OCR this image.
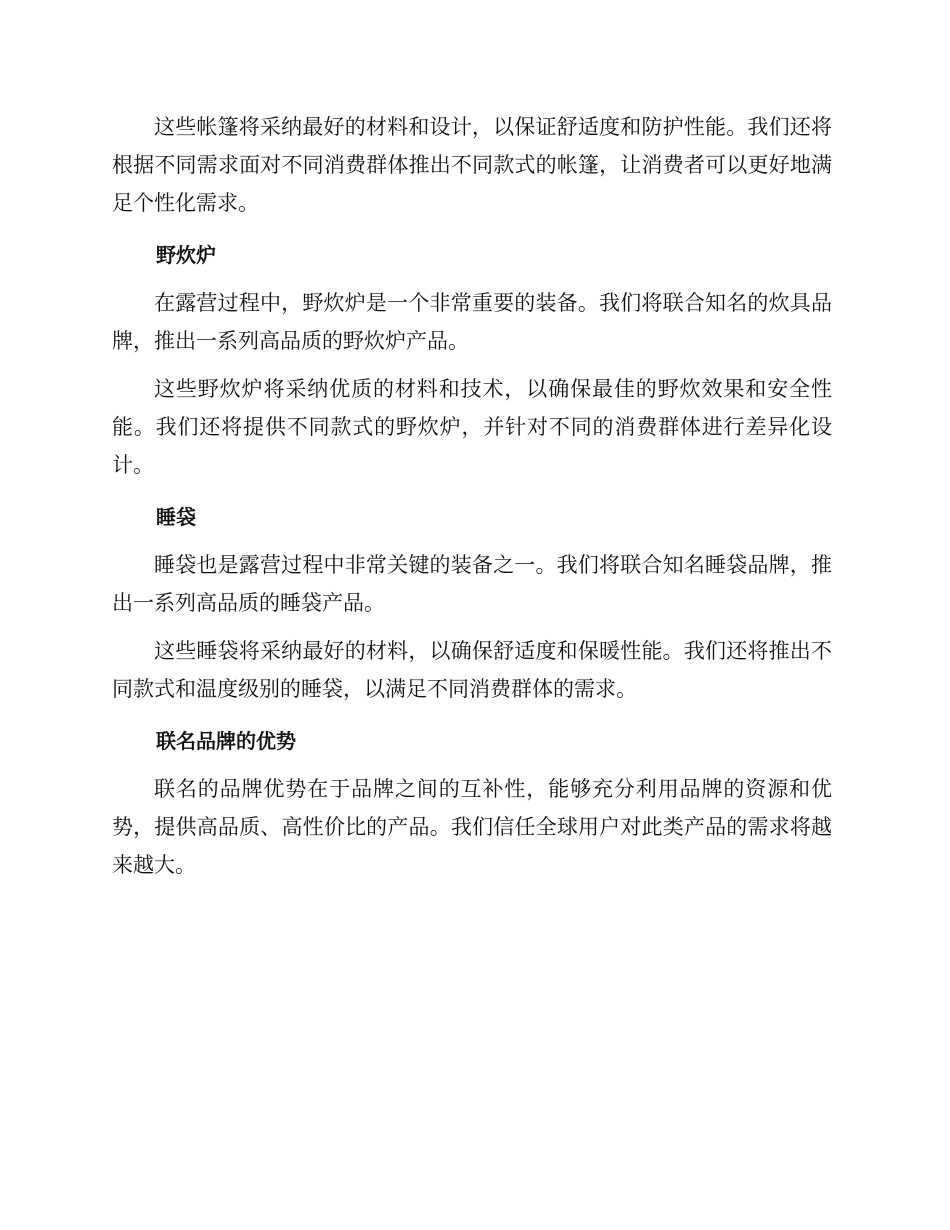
这些帐篷将采纳最好的材料和设计，以保证舒适度和防护性能。我们还将根据不同需求面对不同消费群体推出不同款式的帐篷，让消费者可以更好地满足个性化需求。

野炊炉

在露营过程中，野炊炉是一个非常重要的装备。我们将联合知名的炊具品牌，推出一系列高品质的野炊炉产品。

这些野炊炉将采纳优质的材料和技术，以确保最佳的野炊效果和安全性能。我们还将提供不同款式的野炊炉，并针对不同的消费群体进行差异化设计。

睡袋

睡袋也是露营过程中非常关键的装备之一。我们将联合知名睡袋品牌，推出一系列高品质的睡袋产品。

这些睡袋将采纳最好的材料，以确保舒适度和保暖性能。我们还将推出不同款式和温度级别的睡袋，以满足不同消费群体的需求。

联名品牌的优势

联名的品牌优势在于品牌之间的互补性，能够充分利用品牌的资源和优势，提供高品质、高性价比的产品。我们信任全球用户对此类产品的需求将越来越大。
